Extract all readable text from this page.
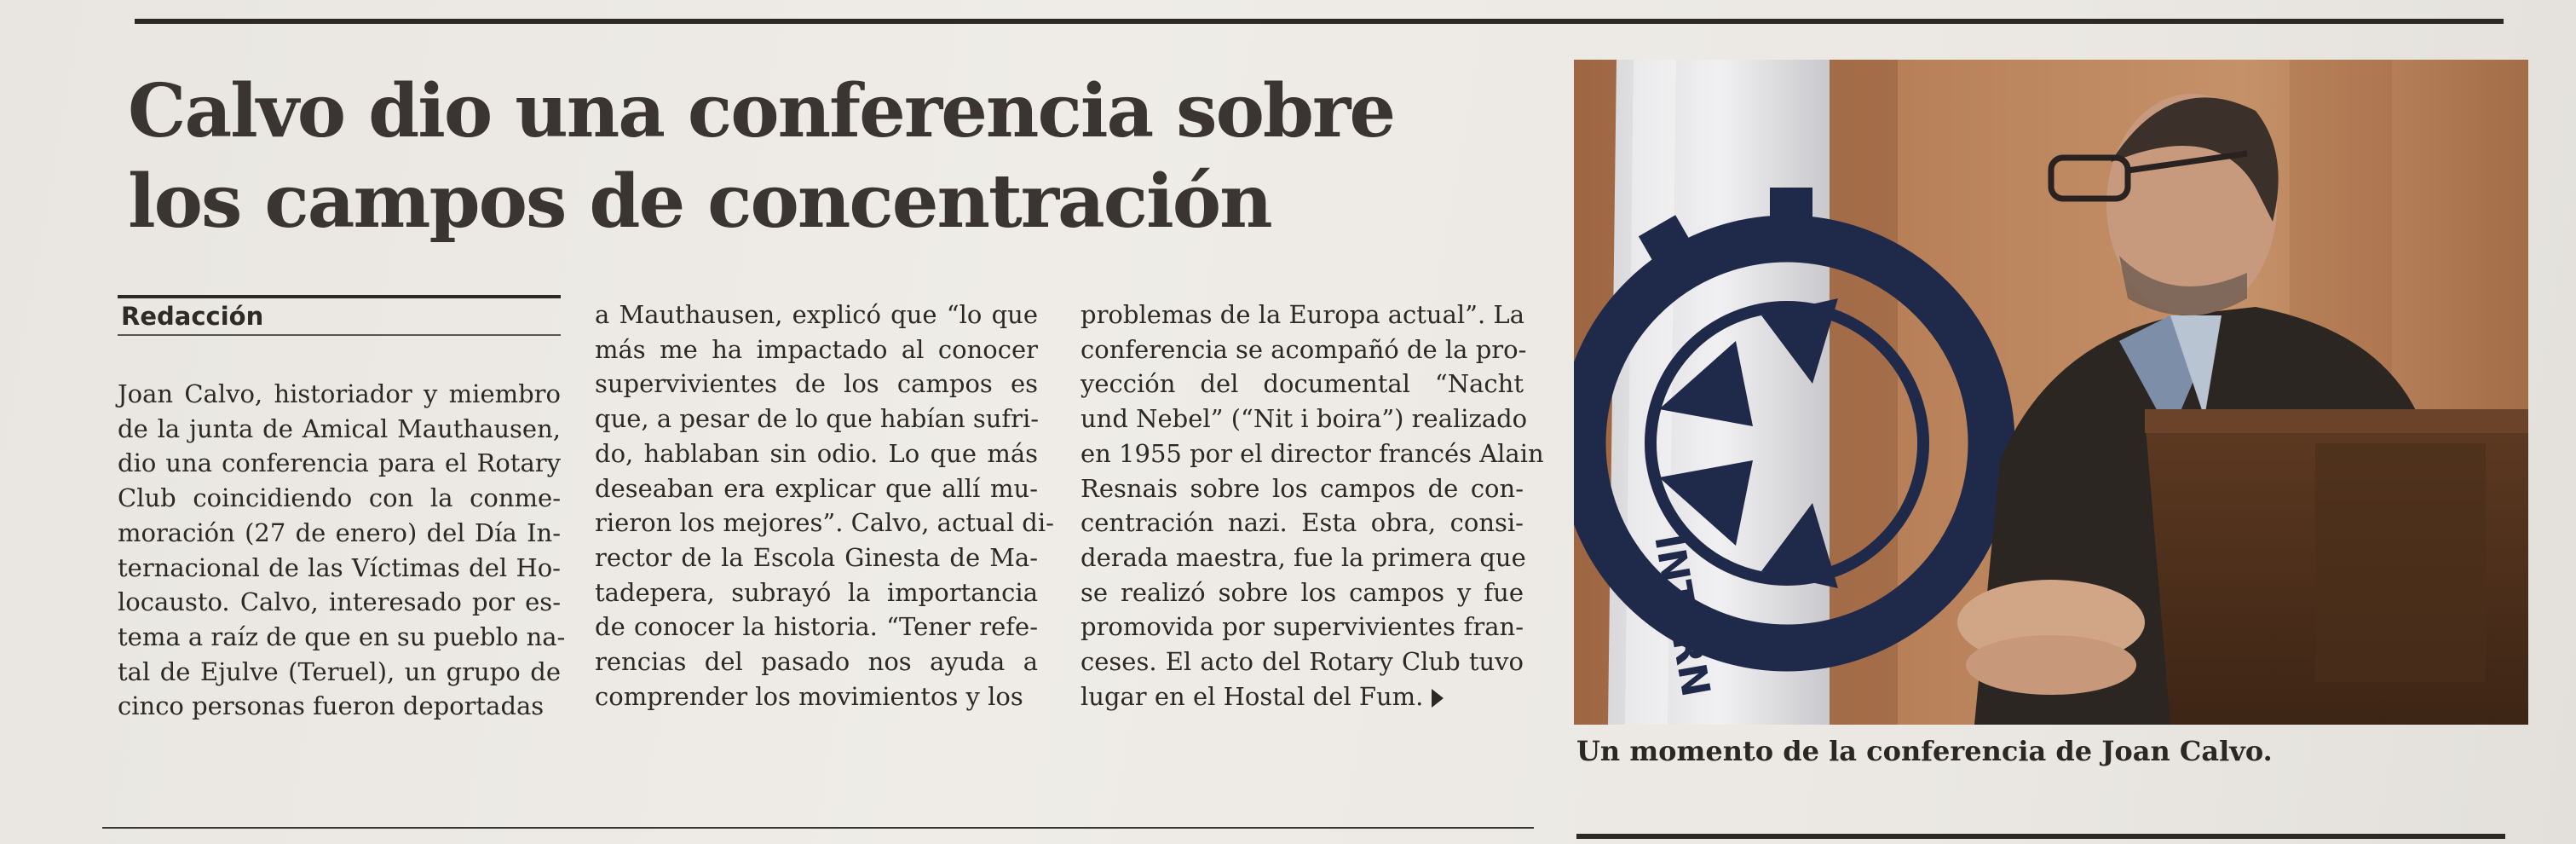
Calvo dio una conferencia sobre
los campos de concentración
Redacción
Joan Calvo, historiador y miembro
de la junta de Amical Mauthausen,
dio una conferencia para el Rotary
Club coincidiendo con la conme-
moración (27 de enero) del Día In-
ternacional de las Víctimas del Ho-
locausto. Calvo, interesado por es-
tema a raíz de que en su pueblo na-
tal de Ejulve (Teruel), un grupo de
cinco personas fueron deportadas
a Mauthausen, explicó que “lo que
más me ha impactado al conocer
supervivientes de los campos es
que, a pesar de lo que habían sufri-
do, hablaban sin odio. Lo que más
deseaban era explicar que allí mu-
rieron los mejores”. Calvo, actual di-
rector de la Escola Ginesta de Ma-
tadepera, subrayó la importancia
de conocer la historia. “Tener refe-
rencias del pasado nos ayuda a
comprender los movimientos y los
problemas de la Europa actual”. La
conferencia se acompañó de la pro-
yección del documental “Nacht
und Nebel” (“Nit i boira”) realizado
en 1955 por el director francés Alain
Resnais sobre los campos de con-
centración nazi. Esta obra, consi-
derada maestra, fue la primera que
se realizó sobre los campos y fue
promovida por supervivientes fran-
ceses. El acto del Rotary Club tuvo
lugar en el Hostal del Fum.	INTERN
Un momento de la conferencia de Joan Calvo.
